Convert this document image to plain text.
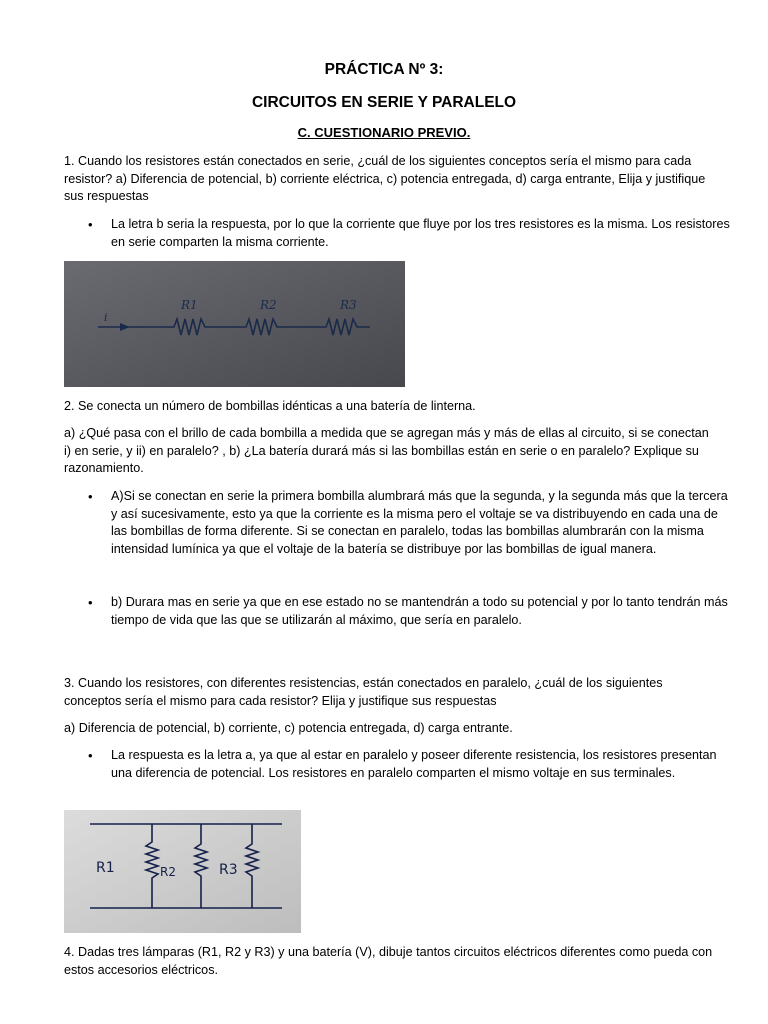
PRÁCTICA Nº 3:
CIRCUITOS EN SERIE Y PARALELO
C. CUESTIONARIO PREVIO.

1. Cuando los resistores están conectados en serie, ¿cuál de los siguientes conceptos sería el mismo para cada resistor? a) Diferencia de potencial, b) corriente eléctrica, c) potencia entregada, d) carga entrante, Elija y justifique sus respuestas

• La letra b seria la respuesta, por lo que la corriente que fluye por los tres resistores es la misma. Los resistores en serie comparten la misma corriente.
i
R1	R2	R3

2. Se conecta un número de bombillas idénticas a una batería de linterna.

a) ¿Qué pasa con el brillo de cada bombilla a medida que se agregan más y más de ellas al circuito, si se conectan i) en serie, y ii) en paralelo? , b) ¿La batería durará más si las bombillas están en serie o en paralelo? Explique su razonamiento.

• A)Si se conectan en serie la primera bombilla alumbrará más que la segunda, y la segunda más que la tercera y así sucesivamente, esto ya que la corriente es la misma pero el voltaje se va distribuyendo en cada una de las bombillas de forma diferente. Si se conectan en paralelo, todas las bombillas alumbrarán con la misma intensidad lumínica ya que el voltaje de la batería se distribuye por las bombillas de igual manera.
• b) Durara mas en serie ya que en ese estado no se mantendrán a todo su potencial y por lo tanto tendrán más tiempo de vida que las que se utilizarán al máximo, que sería en paralelo.

3. Cuando los resistores, con diferentes resistencias, están conectados en paralelo, ¿cuál de los siguientes conceptos sería el mismo para cada resistor? Elija y justifique sus respuestas

a) Diferencia de potencial, b) corriente, c) potencia entregada, d) carga entrante.

• La respuesta es la letra a, ya que al estar en paralelo y poseer diferente resistencia, los resistores presentan una diferencia de potencial. Los resistores en paralelo comparten el mismo voltaje en sus terminales.
R1	R2	R3

4. Dadas tres lámparas (R1, R2 y R3) y una batería (V), dibuje tantos circuitos eléctricos diferentes como pueda con estos accesorios eléctricos.
